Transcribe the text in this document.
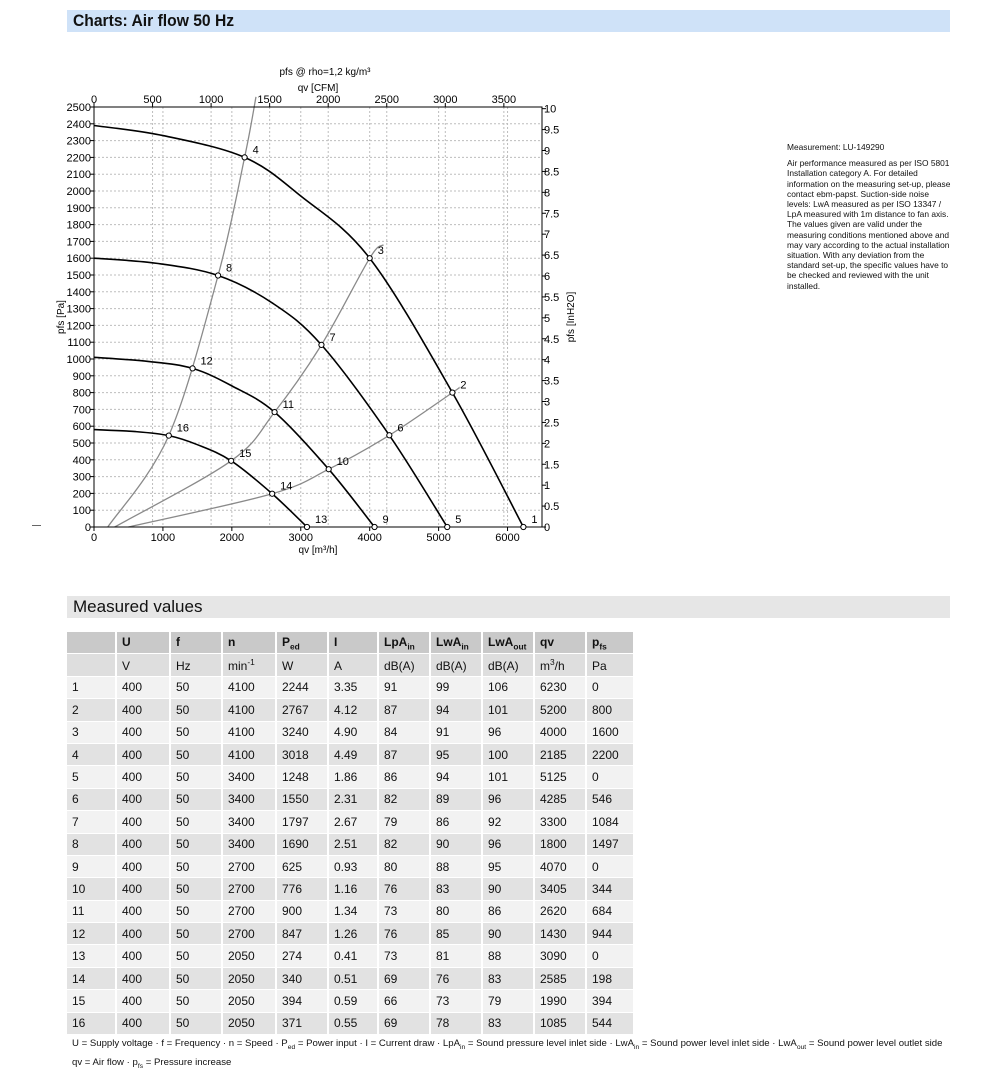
Charts: Air flow 50 Hz
0	1000	2000	3000	4000	5000	6000
0	500	1000	1500	2000	2500	3000	3500
0
100
200
300
400
500
600
700
800
900
1000
1100
1200
1300
1400
1500
1600
1700
1800
1900
2000
2100
2200
2300
2400
2500
0
0.5
1
1.5
2
2.5
3
3.5
4
4.5
5
5.5
6
6.5
7
7.5
8
8.5
9
9.5
10
1
2
3
4
5
6
7
8
9
10
11
12
13
14
15
16
pfs @ rho=1,2 kg/m³
qv [CFM]
qv [m³/h]
pfs [Pa]	pfs [InH2O]

Measurement: LU-149290

Air performance measured as per ISO 5801 Installation category A. For detailed information on the measuring set-up, please contact ebm-papst. Suction-side noise levels: LwA measured as per ISO 13347 / LpA measured with 1m distance to fan axis. The values given are valid under the measuring conditions mentioned above and may vary according to the actual installation situation. With any deviation from the standard set-up, the specific values have to be checked and reviewed with the unit installed.

Measured values
	U	f	n	$P_{ed}$	I	LpA$_{in}$	LwA$_{in}$	LwA$_{out}$	qv	$p_{fs}$
	V	Hz	$\min^{-1}$	W	A	dB(A)	dB(A)	dB(A)	$m^3/h$	Pa
1	400	50	4100	2244	3.35	91	99	106	6230	0
2	400	50	4100	2767	4.12	87	94	101	5200	800
3	400	50	4100	3240	4.90	84	91	96	4000	1600
4	400	50	4100	3018	4.49	87	95	100	2185	2200
5	400	50	3400	1248	1.86	86	94	101	5125	0
6	400	50	3400	1550	2.31	82	89	96	4285	546
7	400	50	3400	1797	2.67	79	86	92	3300	1084
8	400	50	3400	1690	2.51	82	90	96	1800	1497
9	400	50	2700	625	0.93	80	88	95	4070	0
10	400	50	2700	776	1.16	76	83	90	3405	344
11	400	50	2700	900	1.34	73	80	86	2620	684
12	400	50	2700	847	1.26	76	85	90	1430	944
13	400	50	2050	274	0.41	73	81	88	3090	0
14	400	50	2050	340	0.51	69	76	83	2585	198
15	400	50	2050	394	0.59	66	73	79	1990	394
16	400	50	2050	371	0.55	69	78	83	1085	544
U = Supply voltage · f = Frequency · n = Speed · $P_{ed}$ = Power input · I = Current draw · LpA$_{in}$ = Sound pressure level inlet side · LwA$_{in}$ = Sound power level inlet side · LwA$_{out}$ = Sound power level outlet side
qv = Air flow · $p_{fs}$ = Pressure increase
